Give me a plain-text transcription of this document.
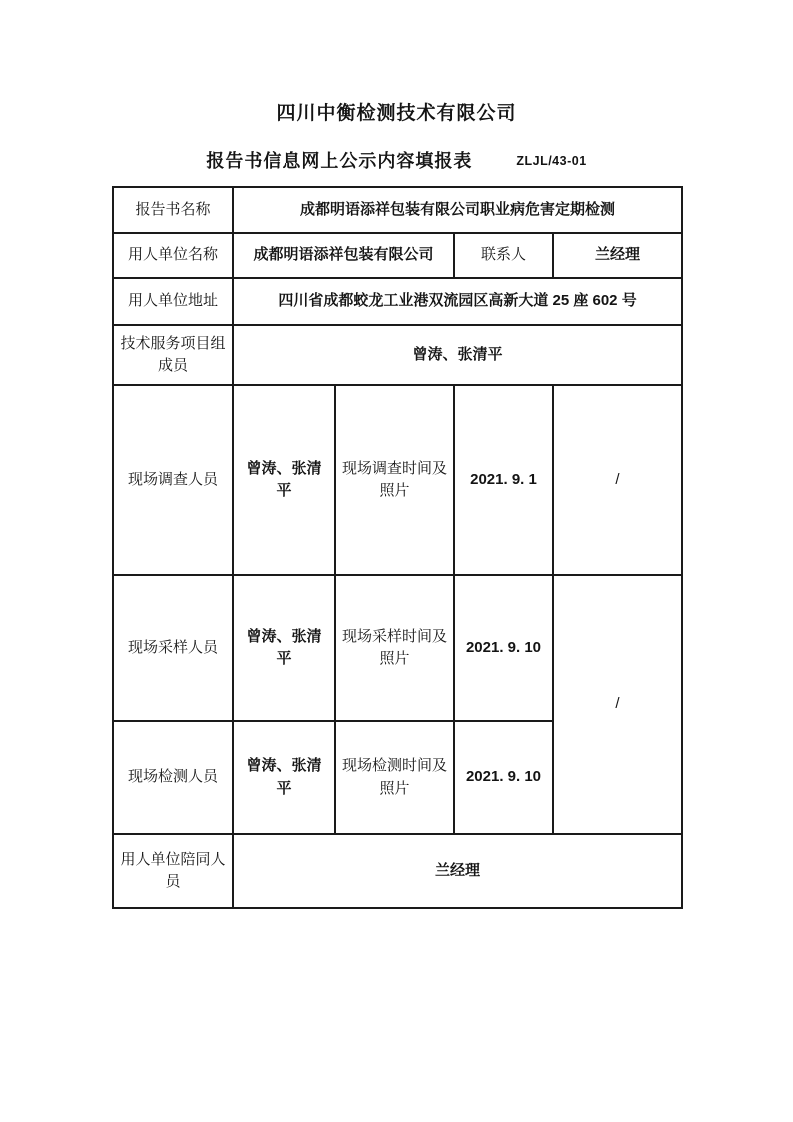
四川中衡检测技术有限公司
报告书信息网上公示内容填报表	ZLJL/43-01
报告书名称	成都明语添祥包装有限公司职业病危害定期检测			
用人单位名称	成都明语添祥包装有限公司		联系人	兰经理
用人单位地址	四川省成都蛟龙工业港双流园区高新大道 25 座 602 号			
技术服务项目组成员	曾涛、张清平			
现场调查人员	曾涛、张清平	现场调查时间及照片	2021. 9. 1	/
现场采样人员	曾涛、张清平	现场采样时间及照片	2021. 9. 10	/
现场检测人员	曾涛、张清平	现场检测时间及照片	2021. 9. 10	
用人单位陪同人员	兰经理			
